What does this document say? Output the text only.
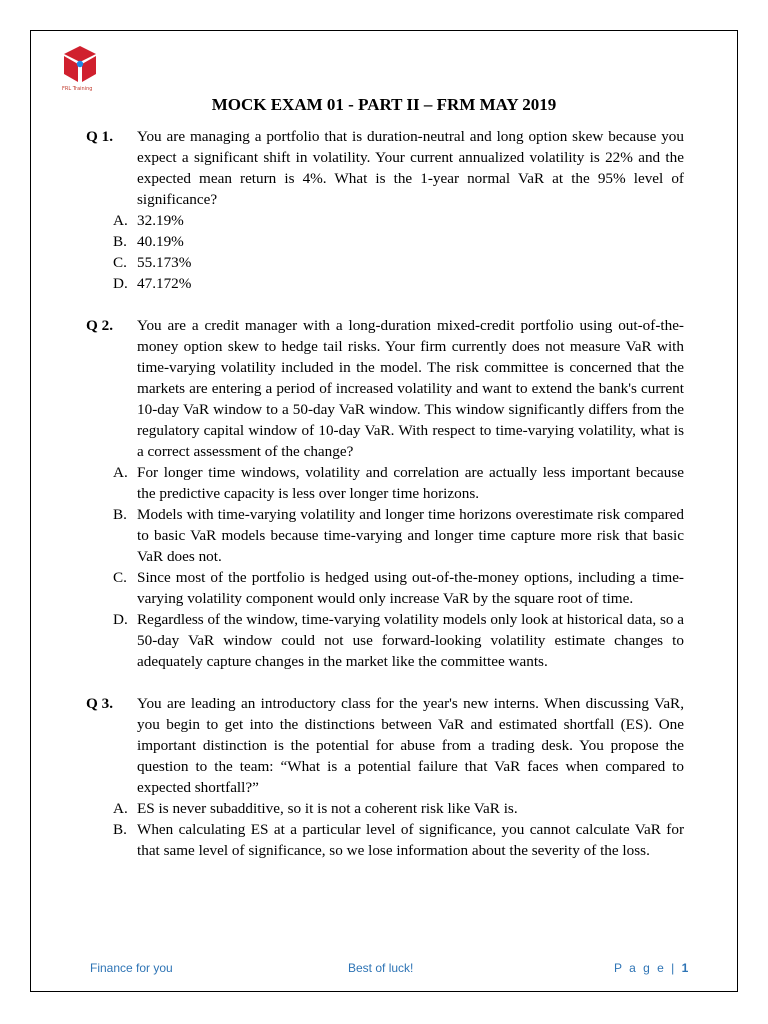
FRL Training
MOCK EXAM 01 - PART II – FRM MAY 2019
Q 1. You are managing a portfolio that is duration-neutral and long option skew because you expect a significant shift in volatility. Your current annualized volatility is 22% and the expected mean return is 4%. What is the 1-year normal VaR at the 95% level of significance?
A. 32.19%
B. 40.19%
C. 55.173%
D. 47.172%
Q 2. You are a credit manager with a long-duration mixed-credit portfolio using out-of-the-money option skew to hedge tail risks. Your firm currently does not measure VaR with time-varying volatility included in the model. The risk committee is concerned that the markets are entering a period of increased volatility and want to extend the bank's current 10-day VaR window to a 50-day VaR window. This window significantly differs from the regulatory capital window of 10-day VaR. With respect to time-varying volatility, what is a correct assessment of the change?
A. For longer time windows, volatility and correlation are actually less important because the predictive capacity is less over longer time horizons.
B. Models with time-varying volatility and longer time horizons overestimate risk compared to basic VaR models because time-varying and longer time capture more risk that basic VaR does not.
C. Since most of the portfolio is hedged using out-of-the-money options, including a time-varying volatility component would only increase VaR by the square root of time.
D. Regardless of the window, time-varying volatility models only look at historical data, so a 50-day VaR window could not use forward-looking volatility estimate changes to adequately capture changes in the market like the committee wants.
Q 3. You are leading an introductory class for the year's new interns. When discussing VaR, you begin to get into the distinctions between VaR and estimated shortfall (ES). One important distinction is the potential for abuse from a trading desk. You propose the question to the team: “What is a potential failure that VaR faces when compared to expected shortfall?”
A. ES is never subadditive, so it is not a coherent risk like VaR is.
B. When calculating ES at a particular level of significance, you cannot calculate VaR for that same level of significance, so we lose information about the severity of the loss.
Finance for you	Best of luck!	P a g e | 1
